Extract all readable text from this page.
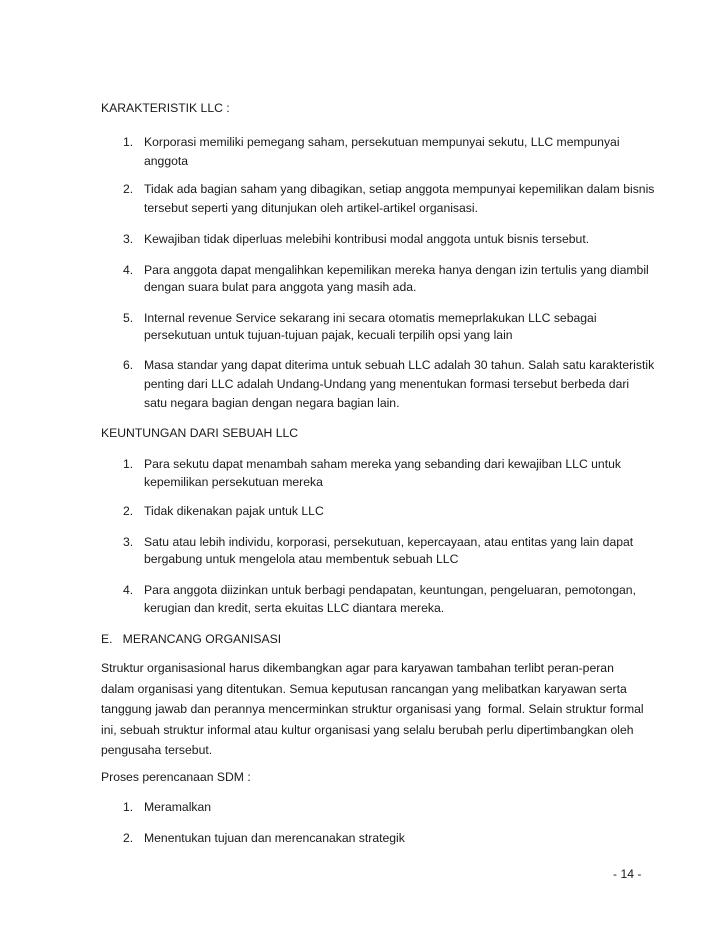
KARAKTERISTIK LLC :
1. Korporasi memiliki pemegang saham, persekutuan mempunyai sekutu, LLC mempunyai
anggota
2. Tidak ada bagian saham yang dibagikan, setiap anggota mempunyai kepemilikan dalam bisnis
tersebut seperti yang ditunjukan oleh artikel-artikel organisasi.
3. Kewajiban tidak diperluas melebihi kontribusi modal anggota untuk bisnis tersebut.
4. Para anggota dapat mengalihkan kepemilikan mereka hanya dengan izin tertulis yang diambil
dengan suara bulat para anggota yang masih ada.
5. Internal revenue Service sekarang ini secara otomatis memeprlakukan LLC sebagai
persekutuan untuk tujuan-tujuan pajak, kecuali terpilih opsi yang lain
6. Masa standar yang dapat diterima untuk sebuah LLC adalah 30 tahun. Salah satu karakteristik
penting dari LLC adalah Undang-Undang yang menentukan formasi tersebut berbeda dari
satu negara bagian dengan negara bagian lain.
KEUNTUNGAN DARI SEBUAH LLC
1. Para sekutu dapat menambah saham mereka yang sebanding dari kewajiban LLC untuk
kepemilikan persekutuan mereka
2. Tidak dikenakan pajak untuk LLC
3. Satu atau lebih individu, korporasi, persekutuan, kepercayaan, atau entitas yang lain dapat
bergabung untuk mengelola atau membentuk sebuah LLC
4. Para anggota diizinkan untuk berbagi pendapatan, keuntungan, pengeluaran, pemotongan,
kerugian dan kredit, serta ekuitas LLC diantara mereka.
E.   MERANCANG ORGANISASI
Struktur organisasional harus dikembangkan agar para karyawan tambahan terlibt peran-peran
dalam organisasi yang ditentukan. Semua keputusan rancangan yang melibatkan karyawan serta
tanggung jawab dan perannya mencerminkan struktur organisasi yang  formal. Selain struktur formal
ini, sebuah struktur informal atau kultur organisasi yang selalu berubah perlu dipertimbangkan oleh
pengusaha tersebut.
Proses perencanaan SDM :
1. Meramalkan
2. Menentukan tujuan dan merencanakan strategik
- 14 -
